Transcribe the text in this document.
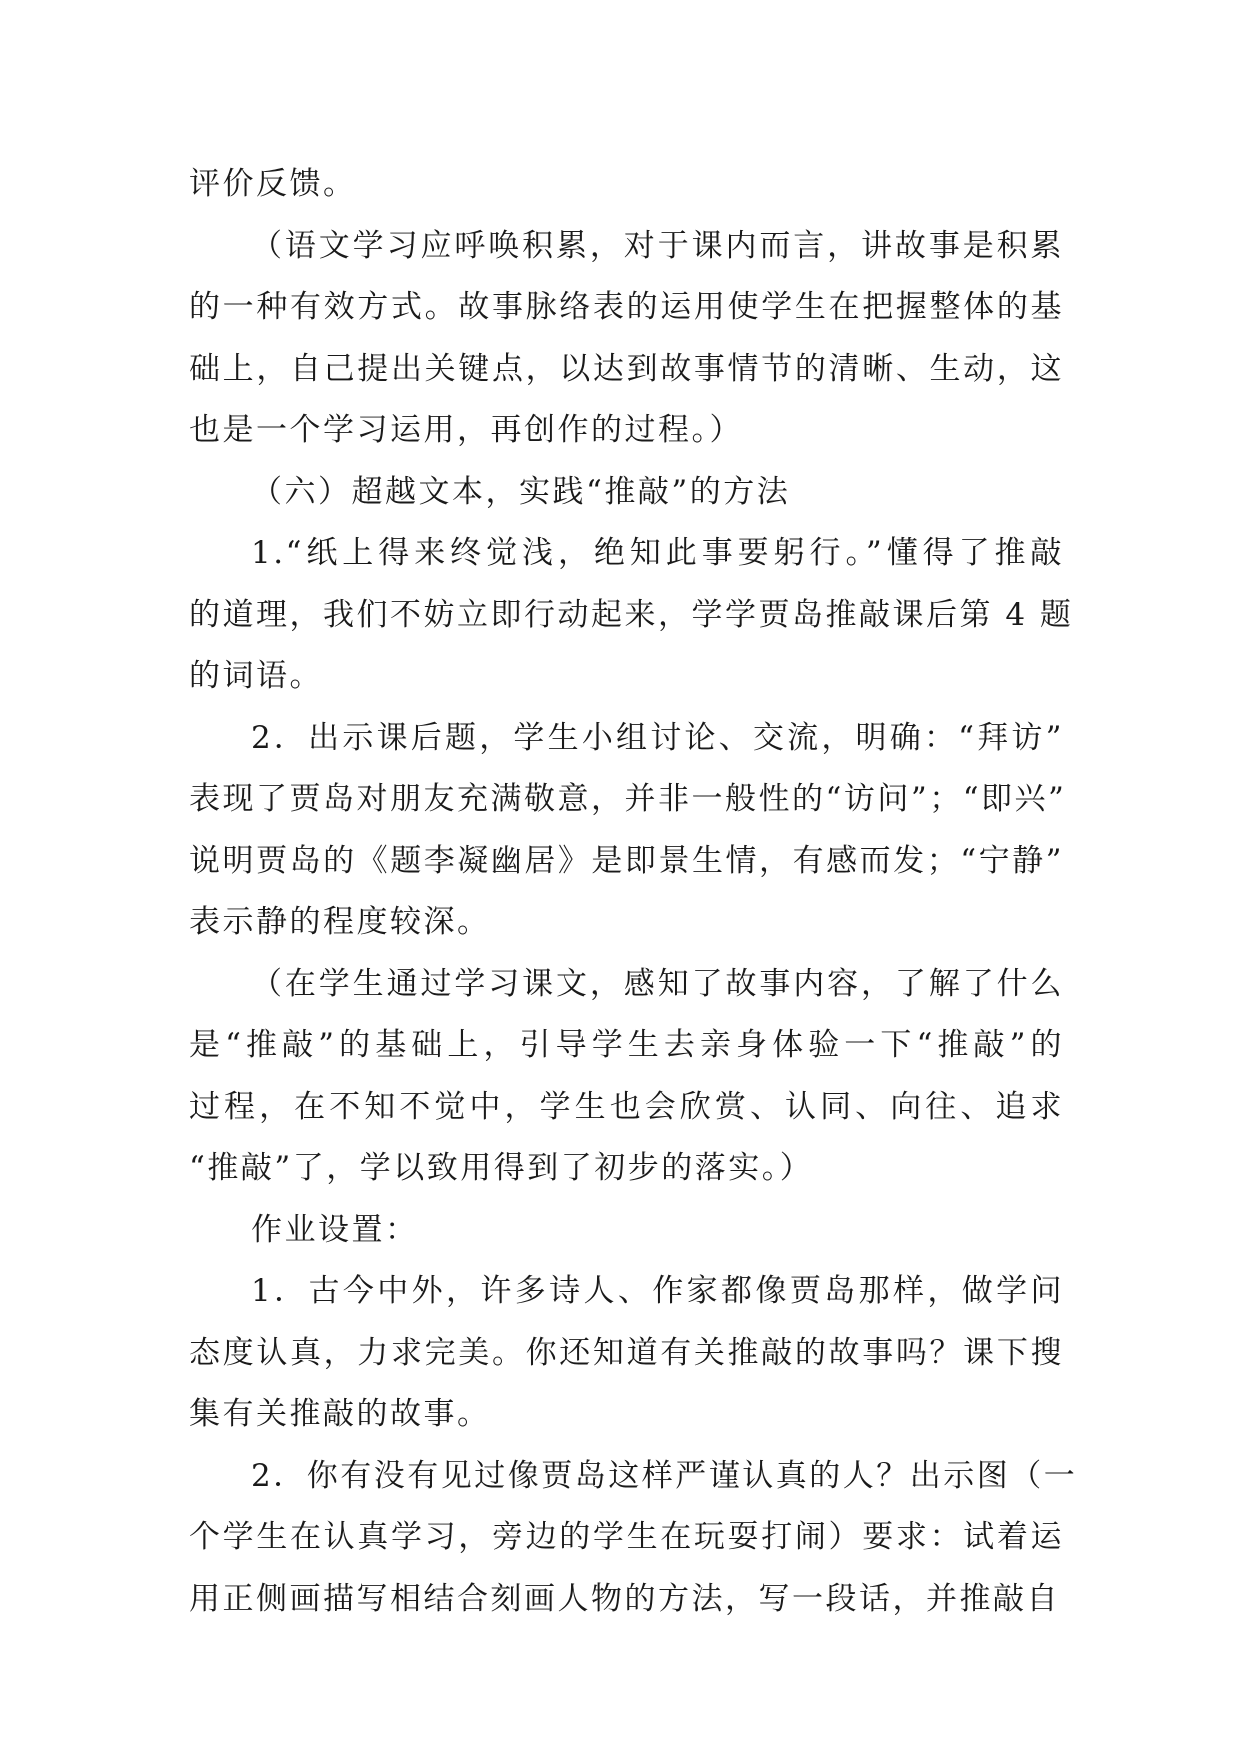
评价反馈。
（语文学习应呼唤积累，对于课内而言，讲故事是积累
的一种有效方式。故事脉络表的运用使学生在把握整体的基
础上，自己提出关键点，以达到故事情节的清晰、生动，这
也是一个学习运用，再创作的过程。）
（六）超越文本，实践“推敲”的方法
1.“纸上得来终觉浅，绝知此事要躬行。”懂得了推敲
的道理，我们不妨立即行动起来，学学贾岛推敲课后第 4 题
的词语。
2．出示课后题，学生小组讨论、交流，明确：“拜访”
表现了贾岛对朋友充满敬意，并非一般性的“访问”；“即兴”
说明贾岛的《题李凝幽居》是即景生情，有感而发；“宁静”
表示静的程度较深。
（在学生通过学习课文，感知了故事内容，了解了什么
是“推敲”的基础上，引导学生去亲身体验一下“推敲”的
过程，在不知不觉中，学生也会欣赏、认同、向往、追求
“推敲”了，学以致用得到了初步的落实。）
作业设置：
1．古今中外，许多诗人、作家都像贾岛那样，做学问
态度认真，力求完美。你还知道有关推敲的故事吗？课下搜
集有关推敲的故事。
2．你有没有见过像贾岛这样严谨认真的人？出示图（一
个学生在认真学习，旁边的学生在玩耍打闹）要求：试着运
用正侧画描写相结合刻画人物的方法，写一段话，并推敲自
